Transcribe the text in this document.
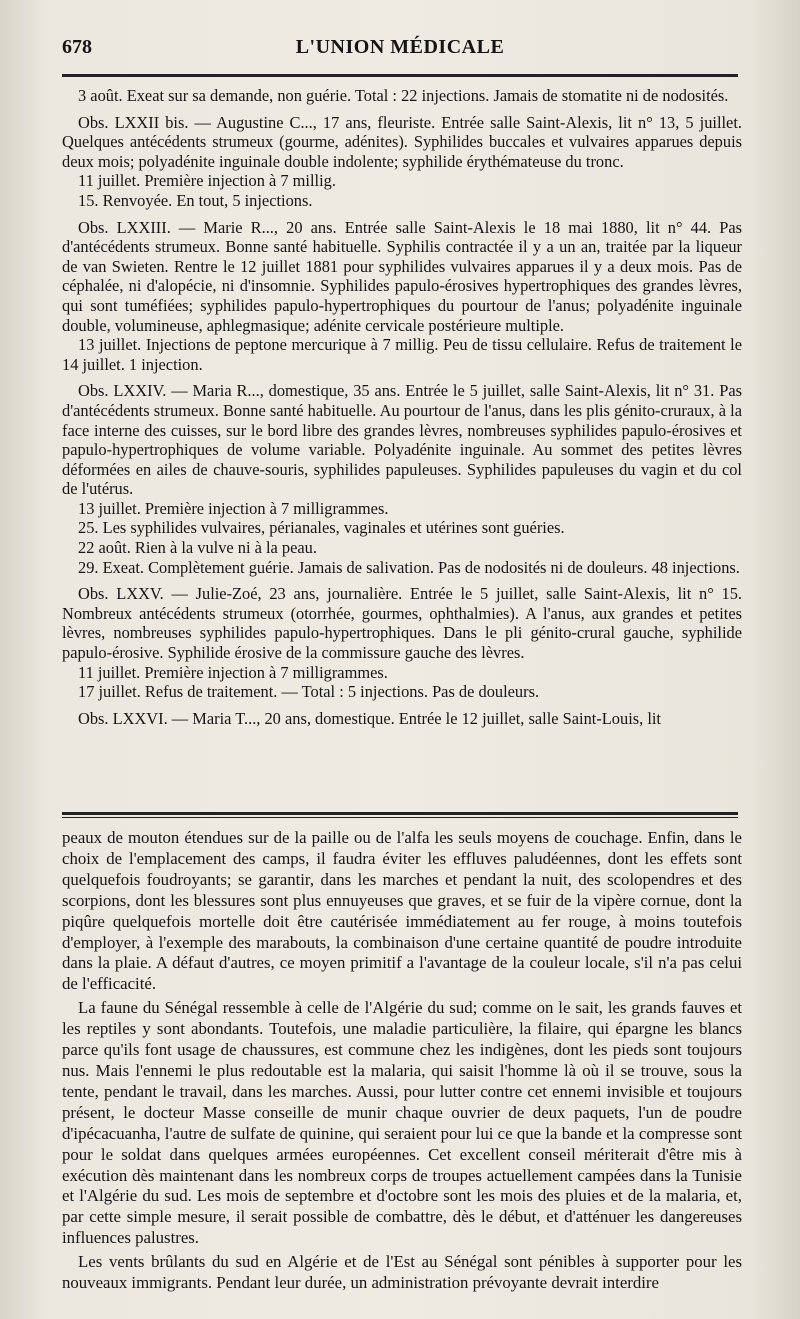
678	L'UNION MÉDICALE

3 août. Exeat sur sa demande, non guérie. Total : 22 injections. Jamais de stomatite ni de nodosités.

Obs. LXXII bis. — Augustine C..., 17 ans, fleuriste. Entrée salle Saint-Alexis, lit n° 13, 5 juillet. Quelques antécédents strumeux (gourme, adénites). Syphilides buccales et vulvaires apparues depuis deux mois; polyadénite inguinale double indolente; syphilide érythémateuse du tronc.

11 juillet. Première injection à 7 millig.

15. Renvoyée. En tout, 5 injections.

Obs. LXXIII. — Marie R..., 20 ans. Entrée salle Saint-Alexis le 18 mai 1880, lit n° 44. Pas d'antécédents strumeux. Bonne santé habituelle. Syphilis contractée il y a un an, traitée par la liqueur de van Swieten. Rentre le 12 juillet 1881 pour syphilides vulvaires apparues il y a deux mois. Pas de céphalée, ni d'alopécie, ni d'insomnie. Syphilides papulo-érosives hypertrophiques des grandes lèvres, qui sont tuméfiées; syphilides papulo-hypertrophiques du pourtour de l'anus; polyadénite inguinale double, volumineuse, aphlegmasique; adénite cervicale postérieure multiple.

13 juillet. Injections de peptone mercurique à 7 millig. Peu de tissu cellulaire. Refus de traitement le 14 juillet. 1 injection.

Obs. LXXIV. — Maria R..., domestique, 35 ans. Entrée le 5 juillet, salle Saint-Alexis, lit n° 31. Pas d'antécédents strumeux. Bonne santé habituelle. Au pourtour de l'anus, dans les plis génito-cruraux, à la face interne des cuisses, sur le bord libre des grandes lèvres, nombreuses syphilides papulo-érosives et papulo-hypertrophiques de volume variable. Polyadénite inguinale. Au sommet des petites lèvres déformées en ailes de chauve-souris, syphilides papuleuses. Syphilides papuleuses du vagin et du col de l'utérus.

13 juillet. Première injection à 7 milligrammes.

25. Les syphilides vulvaires, périanales, vaginales et utérines sont guéries.

22 août. Rien à la vulve ni à la peau.

29. Exeat. Complètement guérie. Jamais de salivation. Pas de nodosités ni de douleurs. 48 injections.

Obs. LXXV. — Julie-Zoé, 23 ans, journalière. Entrée le 5 juillet, salle Saint-Alexis, lit n° 15. Nombreux antécédents strumeux (otorrhée, gourmes, ophthalmies). A l'anus, aux grandes et petites lèvres, nombreuses syphilides papulo-hypertrophiques. Dans le pli génito-crural gauche, syphilide papulo-érosive. Syphilide érosive de la commissure gauche des lèvres.

11 juillet. Première injection à 7 milligrammes.

17 juillet. Refus de traitement. — Total : 5 injections. Pas de douleurs.

Obs. LXXVI. — Maria T..., 20 ans, domestique. Entrée le 12 juillet, salle Saint-Louis, lit

peaux de mouton étendues sur de la paille ou de l'alfa les seuls moyens de couchage. Enfin, dans le choix de l'emplacement des camps, il faudra éviter les effluves paludéennes, dont les effets sont quelquefois foudroyants; se garantir, dans les marches et pendant la nuit, des scolopendres et des scorpions, dont les blessures sont plus ennuyeuses que graves, et se fuir de la vipère cornue, dont la piqûre quelquefois mortelle doit être cautérisée immédiatement au fer rouge, à moins toutefois d'employer, à l'exemple des marabouts, la combinaison d'une certaine quantité de poudre introduite dans la plaie. A défaut d'autres, ce moyen primitif a l'avantage de la couleur locale, s'il n'a pas celui de l'efficacité.

La faune du Sénégal ressemble à celle de l'Algérie du sud; comme on le sait, les grands fauves et les reptiles y sont abondants. Toutefois, une maladie particulière, la filaire, qui épargne les blancs parce qu'ils font usage de chaussures, est commune chez les indigènes, dont les pieds sont toujours nus. Mais l'ennemi le plus redoutable est la malaria, qui saisit l'homme là où il se trouve, sous la tente, pendant le travail, dans les marches. Aussi, pour lutter contre cet ennemi invisible et toujours présent, le docteur Masse conseille de munir chaque ouvrier de deux paquets, l'un de poudre d'ipécacuanha, l'autre de sulfate de quinine, qui seraient pour lui ce que la bande et la compresse sont pour le soldat dans quelques armées européennes. Cet excellent conseil mériterait d'être mis à exécution dès maintenant dans les nombreux corps de troupes actuellement campées dans la Tunisie et l'Algérie du sud. Les mois de septembre et d'octobre sont les mois des pluies et de la malaria, et, par cette simple mesure, il serait possible de combattre, dès le début, et d'atténuer les dangereuses influences palustres.

Les vents brûlants du sud en Algérie et de l'Est au Sénégal sont pénibles à supporter pour les nouveaux immigrants. Pendant leur durée, un administration prévoyante devrait interdire
